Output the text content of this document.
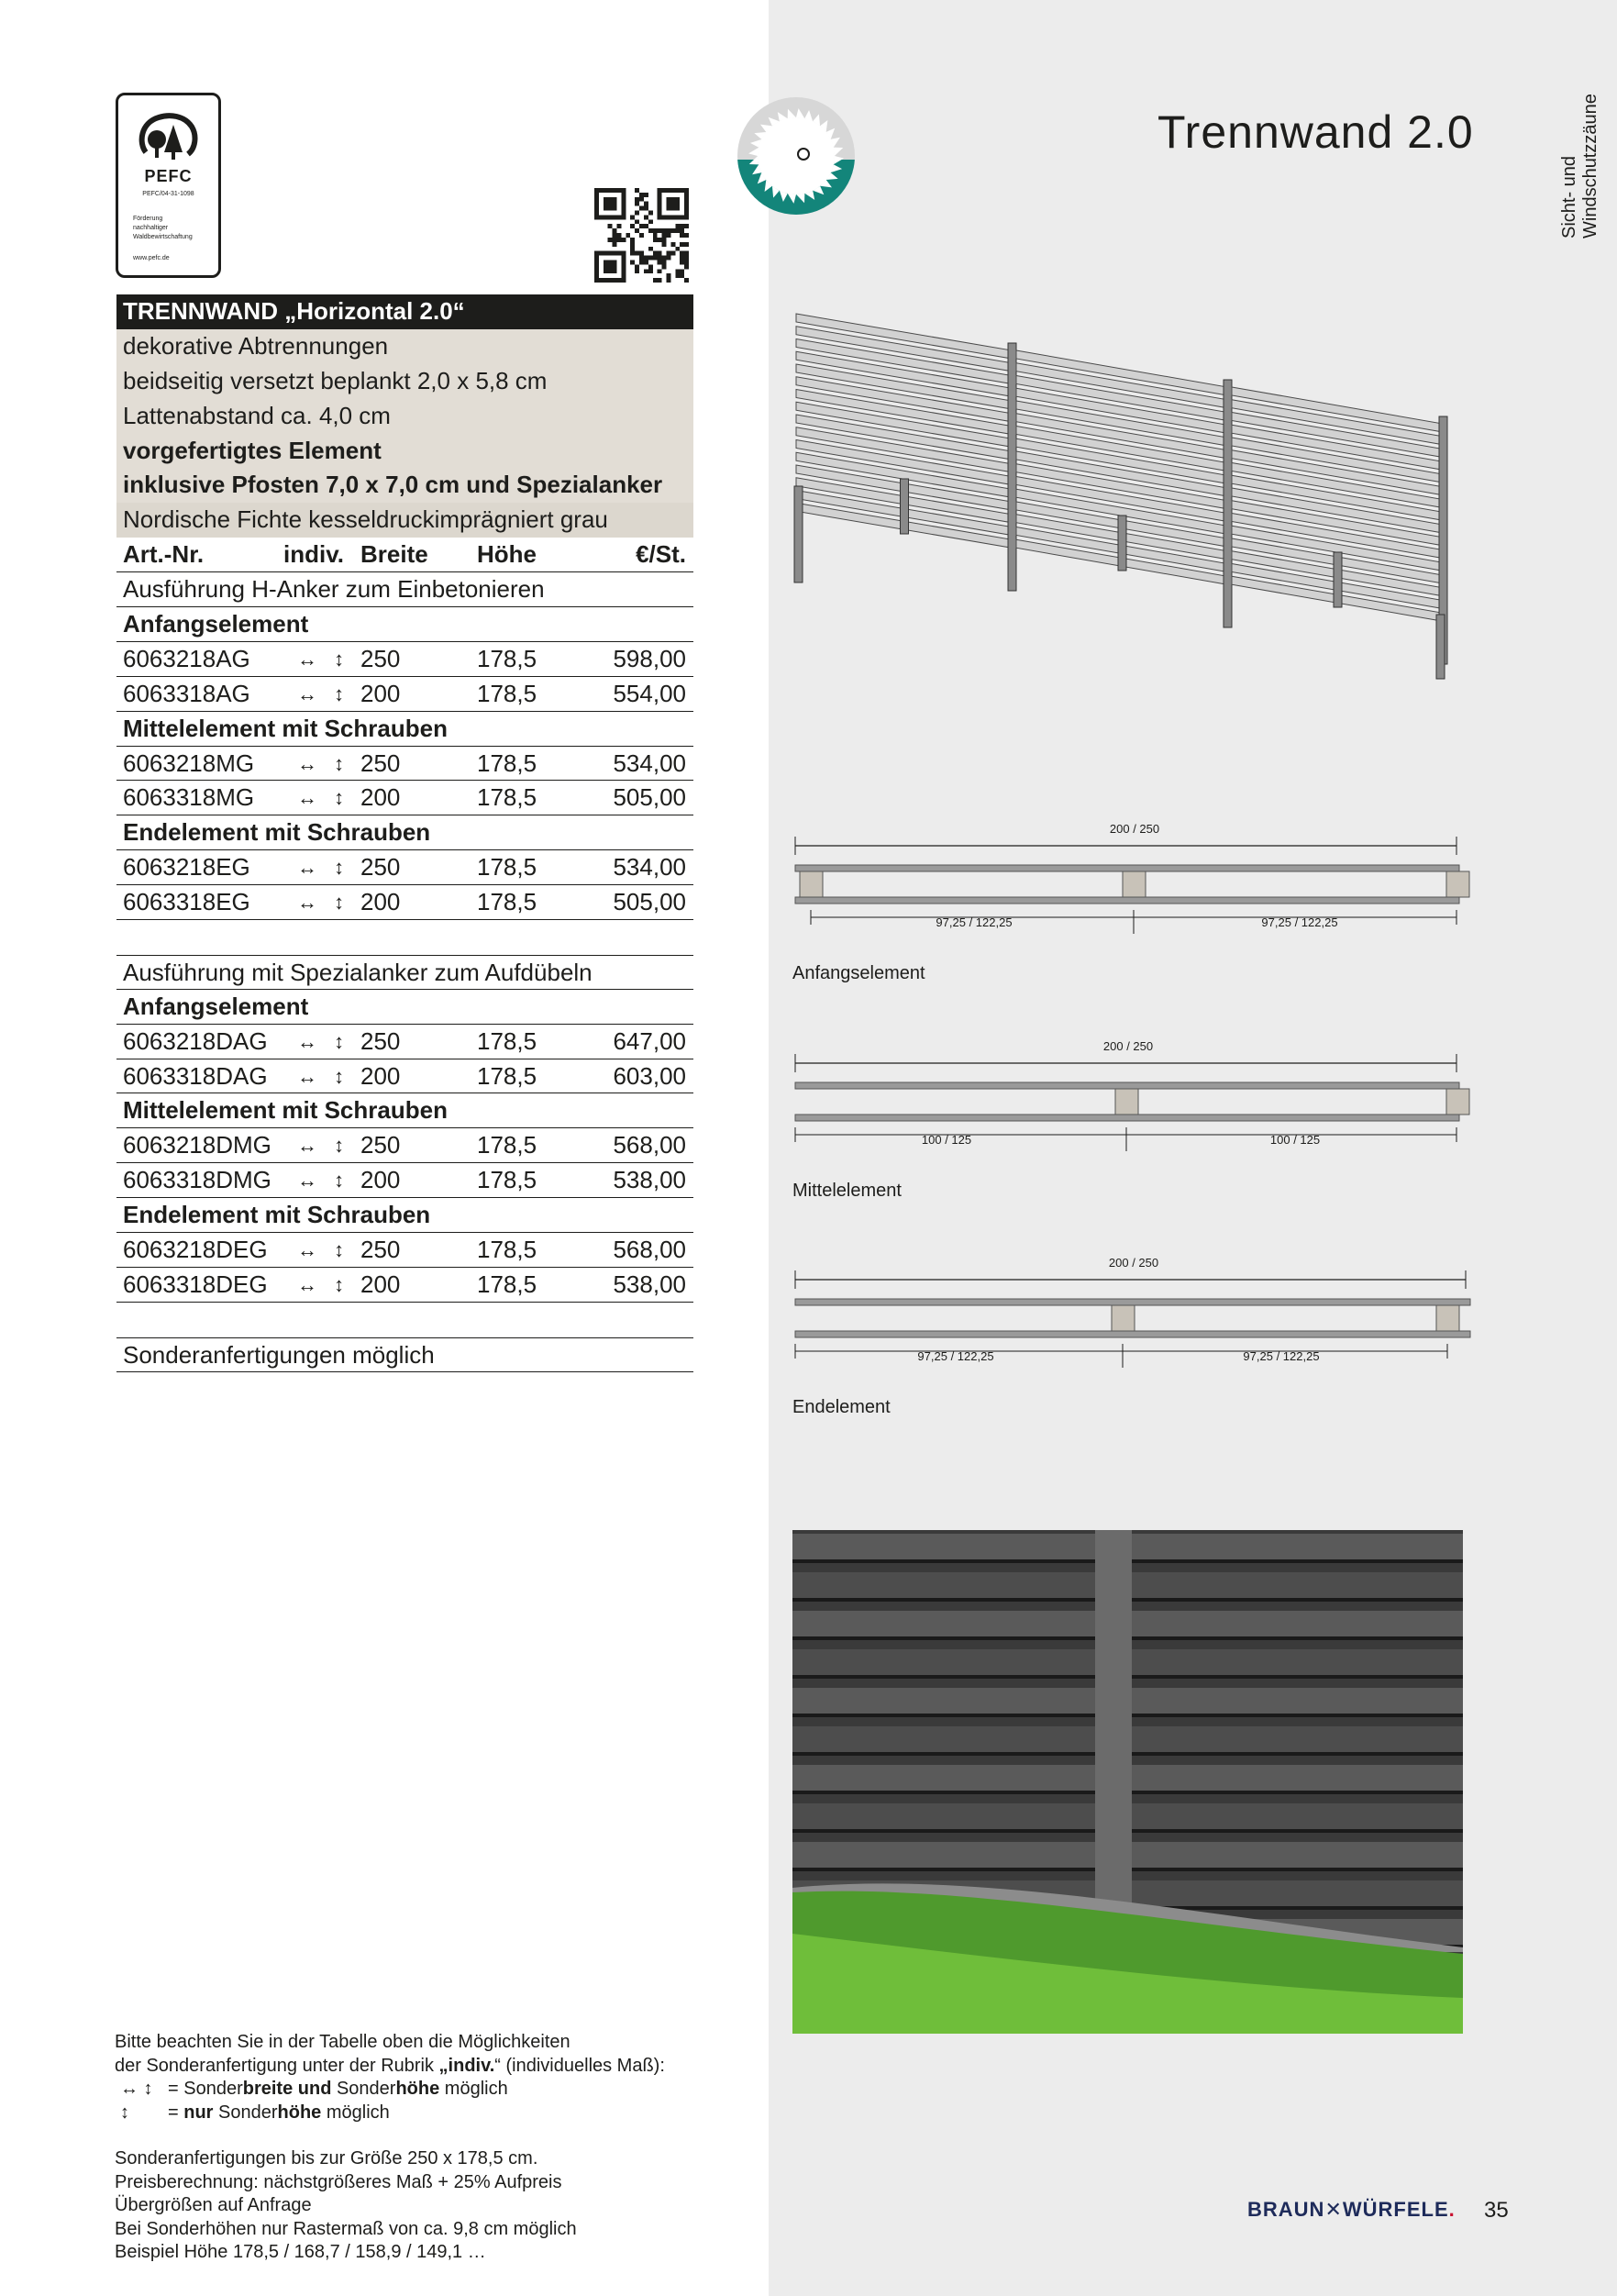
PEFC
PEFC/04-31-1098
Förderung
nachhaltiger
Waldbewirtschaftung
www.pefc.de
Trennwand 2.0
Sicht- und Windschutzzäune
TRENNWAND „Horizontal 2.0“
dekorative Abtrennungen
beidseitig versetzt beplankt 2,0 x 5,8 cm
Lattenabstand ca. 4,0 cm
vorgefertigtes Element
inklusive Pfosten 7,0 x 7,0 cm und Spezialanker
Nordische Fichte kesseldruckimprägniert grau
Art.-Nr.	indiv. Breite Höhe	€/St.
Ausführung H-Anker zum Einbetonieren
Anfangselement
6063218AG ↔ ↕ 250	178,5	598,00
6063318AG ↔ ↕ 200	178,5	554,00
Mittelelement mit Schrauben
6063218MG ↔ ↕ 250	178,5	534,00
6063318MG ↔ ↕ 200	178,5	505,00
Endelement mit Schrauben
6063218EG ↔ ↕ 250	178,5	534,00
6063318EG ↔ ↕ 200	178,5	505,00
Ausführung mit Spezialanker zum Aufdübeln
Anfangselement
6063218DAG ↔ ↕ 250	178,5	647,00
6063318DAG ↔ ↕ 200	178,5	603,00
Mittelelement mit Schrauben
6063218DMG ↔ ↕ 250	178,5	568,00
6063318DMG ↔ ↕ 200	178,5	538,00
Endelement mit Schrauben
6063218DEG ↔ ↕ 250	178,5	568,00
6063318DEG ↔ ↕ 200	178,5	538,00
Sonderanfertigungen möglich
200 / 250
97,25 / 122,25	97,25 / 122,25
Anfangselement
200 / 250
100 / 125	100 / 125
Mittelelement
200 / 250
97,25 / 122,25	97,25 / 122,25
Endelement

Bitte beachten Sie in der Tabelle oben die Möglichkeiten

der Sonderanfertigung unter der Rubrik „indiv.“ (individuelles Maß):

↔ ↕ = Sonderbreite und Sonderhöhe möglich

↕ = nur Sonderhöhe möglich

Sonderanfertigungen bis zur Größe 250 x 178,5 cm.

Preisberechnung: nächstgrößeres Maß + 25% Aufpreis

Übergrößen auf Anfrage

Bei Sonderhöhen nur Rastermaß von ca. 9,8 cm möglich

Beispiel Höhe 178,5 / 168,7 / 158,9 / 149,1 …

BRAUN✕WÜRFELE. 35
